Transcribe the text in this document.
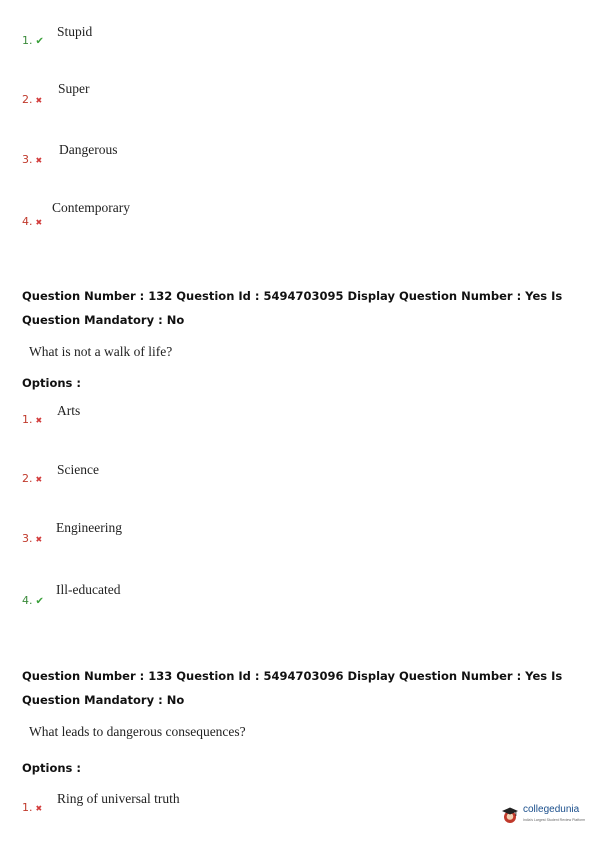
1. ✔
Stupid
2. ✖
Super
3. ✖
Dangerous
4. ✖
Contemporary
Question Number : 132 Question Id : 5494703095 Display Question Number : Yes Is Question Mandatory : No
What is not a walk of life?
Options :
1. ✖
Arts
2. ✖
Science
3. ✖
Engineering
4. ✔
Ill-educated
Question Number : 133 Question Id : 5494703096 Display Question Number : Yes Is Question Mandatory : No
What leads to dangerous consequences?
Options :
1. ✖
Ring of universal truth
collegedunia
India's Largest Student Review Platform
